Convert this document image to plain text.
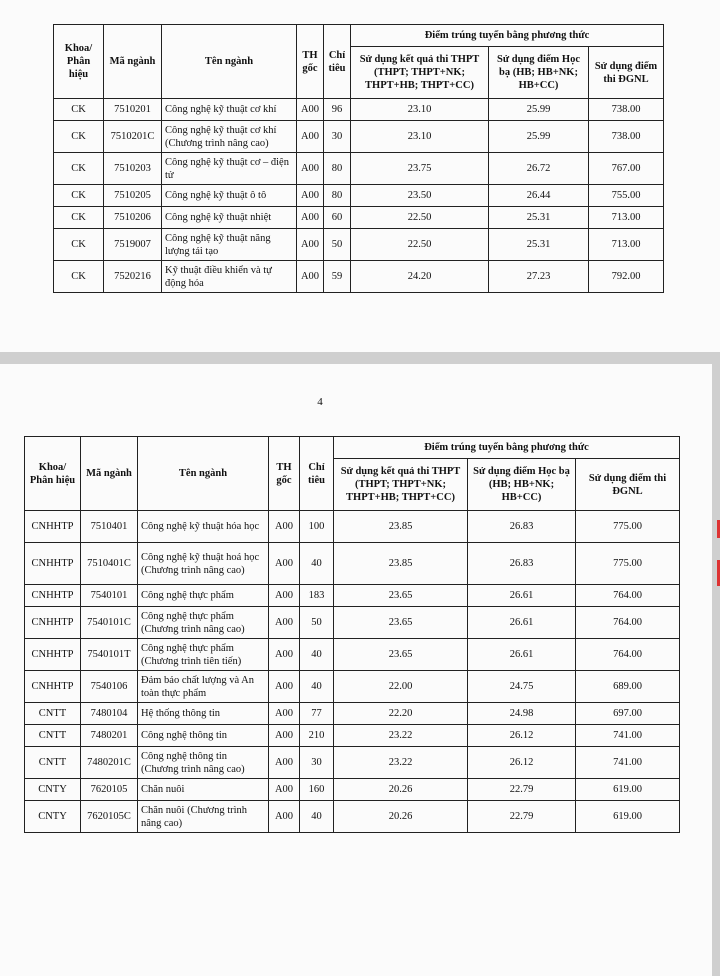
Khoa/ Phân hiệu	Mã ngành	Tên ngành	TH gốc	Chỉ tiêu	Điểm trúng tuyển bằng phương thức		
					Sử dụng kết quả thi THPT (THPT; THPT+NK; THPT+HB; THPT+CC)	Sử dụng điểm Học bạ (HB; HB+NK; HB+CC)	Sử dụng điểm thi ĐGNL
CK	7510201	Công nghệ kỹ thuật cơ khí	A00	96	23.10	25.99	738.00
CK	7510201C	Công nghệ kỹ thuật cơ khí (Chương trình nâng cao)	A00	30	23.10	25.99	738.00
CK	7510203	Công nghệ kỹ thuật cơ – điện tử	A00	80	23.75	26.72	767.00
CK	7510205	Công nghệ kỹ thuật ô tô	A00	80	23.50	26.44	755.00
CK	7510206	Công nghệ kỹ thuật nhiệt	A00	60	22.50	25.31	713.00
CK	7519007	Công nghệ kỹ thuật năng lượng tái tạo	A00	50	22.50	25.31	713.00
CK	7520216	Kỹ thuật điều khiển và tự động hóa	A00	59	24.20	27.23	792.00
4
Khoa/ Phân hiệu	Mã ngành	Tên ngành	TH gốc	Chỉ tiêu	Điểm trúng tuyển bằng phương thức		
					Sử dụng kết quả thi THPT (THPT; THPT+NK; THPT+HB; THPT+CC)	Sử dụng điểm Học bạ (HB; HB+NK; HB+CC)	Sử dụng điểm thi ĐGNL
CNHHTP	7510401	Công nghệ kỹ thuật hóa học	A00	100	23.85	26.83	775.00
CNHHTP	7510401C	Công nghệ kỹ thuật hoá học (Chương trình nâng cao)	A00	40	23.85	26.83	775.00
CNHHTP	7540101	Công nghệ thực phẩm	A00	183	23.65	26.61	764.00
CNHHTP	7540101C	Công nghệ thực phẩm (Chương trình nâng cao)	A00	50	23.65	26.61	764.00
CNHHTP	7540101T	Công nghệ thực phẩm (Chương trình tiên tiến)	A00	40	23.65	26.61	764.00
CNHHTP	7540106	Đảm bảo chất lượng và An toàn thực phẩm	A00	40	22.00	24.75	689.00
CNTT	7480104	Hệ thống thông tin	A00	77	22.20	24.98	697.00
CNTT	7480201	Công nghệ thông tin	A00	210	23.22	26.12	741.00
CNTT	7480201C	Công nghệ thông tin (Chương trình nâng cao)	A00	30	23.22	26.12	741.00
CNTY	7620105	Chăn nuôi	A00	160	20.26	22.79	619.00
CNTY	7620105C	Chăn nuôi (Chương trình nâng cao)	A00	40	20.26	22.79	619.00
